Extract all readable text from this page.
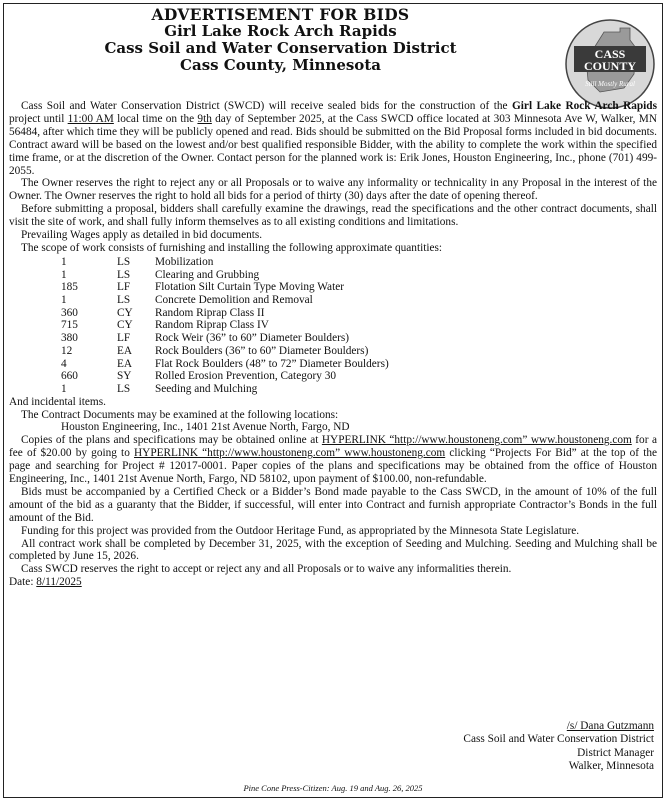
ADVERTISEMENT FOR BIDS
Girl Lake Rock Arch Rapids
Cass Soil and Water Conservation District
Cass County, Minnesota
CASS
COUNTY
Still Mostly Rural

Cass Soil and Water Conservation District (SWCD) will receive sealed bids for the construction of the Girl Lake Rock Arch Rapids project until 11:00 AM local time on the 9th day of September 2025, at the Cass SWCD office located at 303 Minnesota Ave W, Walker, MN 56484, after which time they will be publicly opened and read. Bids should be submitted on the Bid Proposal forms included in bid documents. Contract award will be based on the lowest and/or best qualified responsible Bidder, with the ability to complete the work within the specified time frame, or at the discretion of the Owner. Contact person for the planned work is: Erik Jones, Houston Engineering, Inc., phone (701) 499-2055.

The Owner reserves the right to reject any or all Proposals or to waive any informality or technicality in any Proposal in the interest of the Owner. The Owner reserves the right to hold all bids for a period of thirty (30) days after the date of opening thereof.

Before submitting a proposal, bidders shall carefully examine the drawings, read the specifications and the other contract documents, shall visit the site of work, and shall fully inform themselves as to all existing conditions and limitations.

Prevailing Wages apply as detailed in bid documents.

The scope of work consists of furnishing and installing the following approximate quantities:

1	LS	Mobilization
1	LS	Clearing and Grubbing
185	LF	Flotation Silt Curtain Type Moving Water
1	LS	Concrete Demolition and Removal
360	CY	Random Riprap Class II
715	CY	Random Riprap Class IV
380	LF	Rock Weir (36” to 60” Diameter Boulders)
12	EA	Rock Boulders (36” to 60” Diameter Boulders)
4	EA	Flat Rock Boulders (48” to 72” Diameter Boulders)
660	SY	Rolled Erosion Prevention, Category 30
1	LS	Seeding and Mulching

And incidental items.

The Contract Documents may be examined at the following locations:

Houston Engineering, Inc., 1401 21st Avenue North, Fargo, ND

Copies of the plans and specifications may be obtained online at HYPERLINK “http://www.houstoneng.com” www.houstoneng.com for a fee of $20.00 by going to HYPERLINK “http://www.houstoneng.com” www.houstoneng.com clicking “Projects For Bid” at the top of the page and searching for Project # 12017-0001. Paper copies of the plans and specifications may be obtained from the office of Houston Engineering, Inc., 1401 21st Avenue North, Fargo, ND 58102, upon payment of $100.00, non-refundable.

Bids must be accompanied by a Certified Check or a Bidder’s Bond made payable to the Cass SWCD, in the amount of 10% of the full amount of the bid as a guaranty that the Bidder, if successful, will enter into Contract and furnish appropriate Contractor’s Bonds in the full amount of the Bid.

Funding for this project was provided from the Outdoor Heritage Fund, as appropriated by the Minnesota State Legislature.

All contract work shall be completed by December 31, 2025, with the exception of Seeding and Mulching. Seeding and Mulching shall be completed by June 15, 2026.

Cass SWCD reserves the right to accept or reject any and all Proposals or to waive any informalities therein.

Date: 8/11/2025

/s/ Dana Gutzmann
Cass Soil and Water Conservation District
District Manager
Walker, Minnesota
Pine Cone Press-Citizen: Aug. 19 and Aug. 26, 2025
